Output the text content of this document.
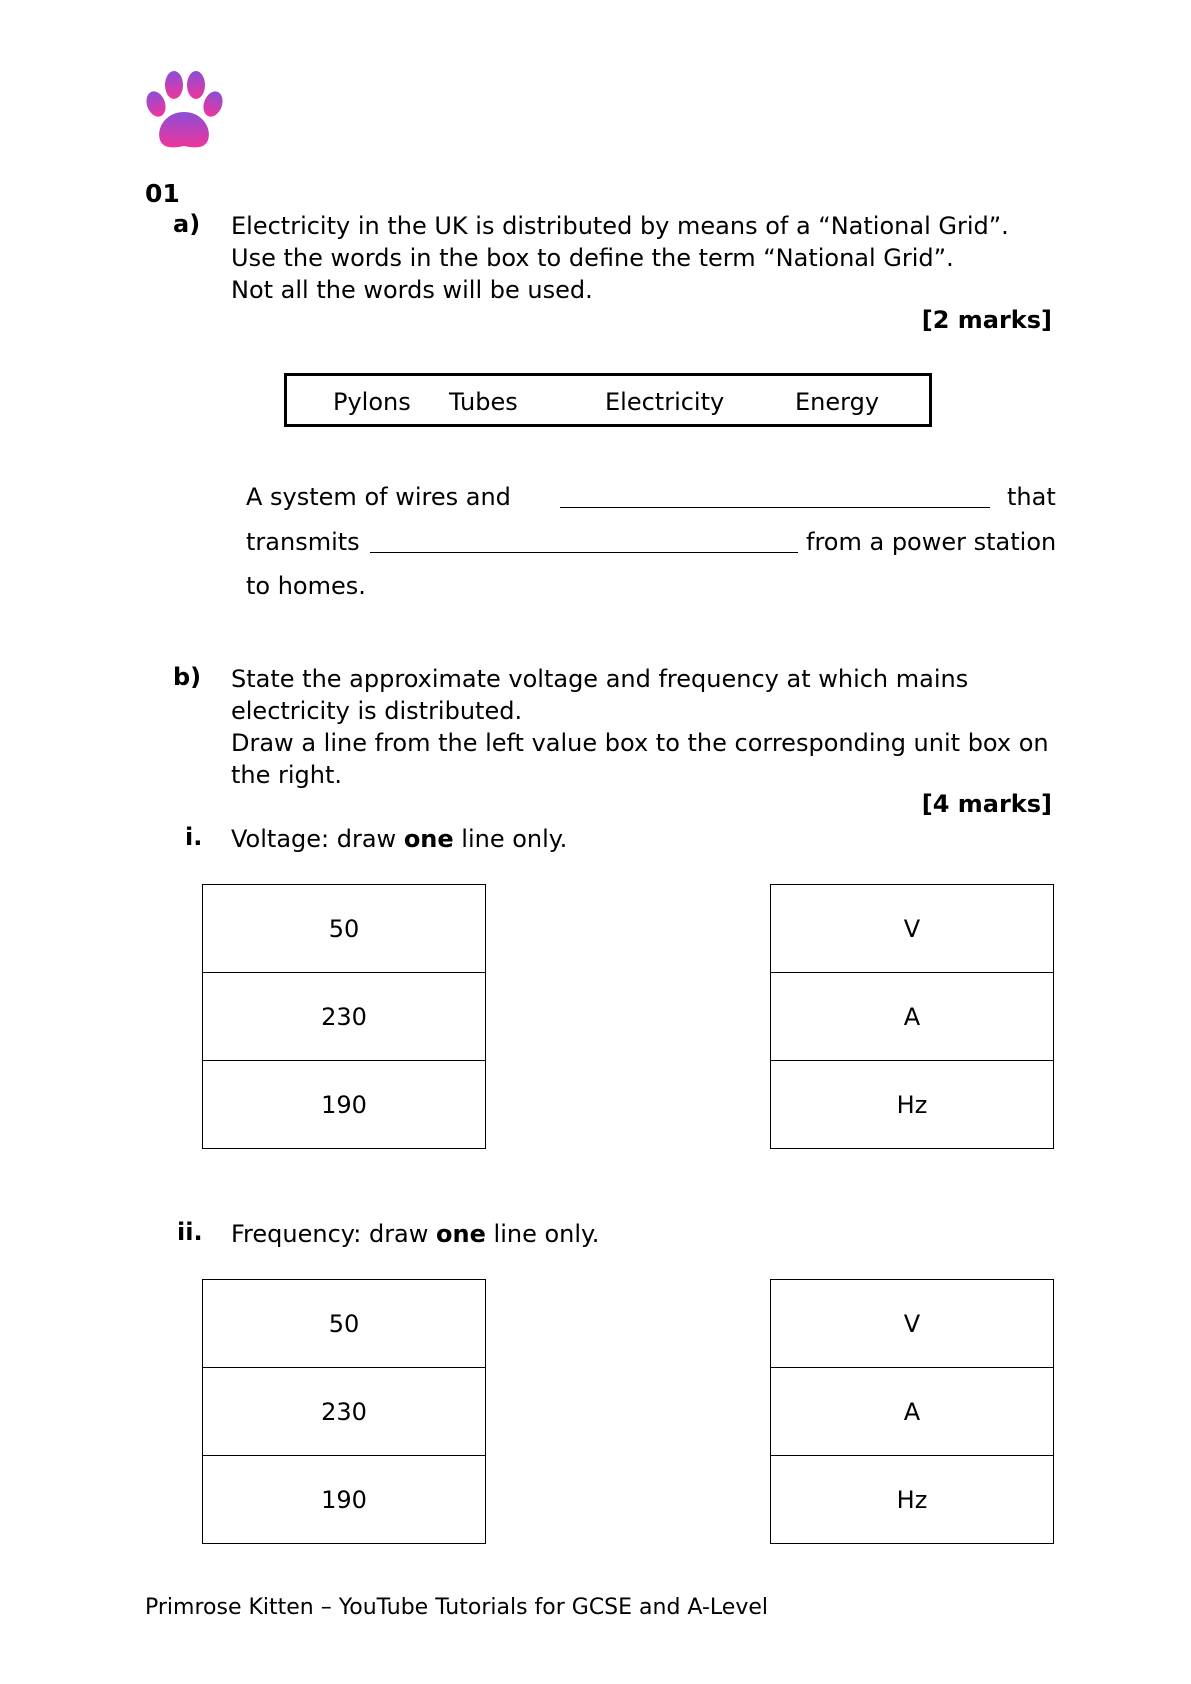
01
a) Electricity in the UK is distributed by means of a “National Grid”.
Use the words in the box to define the term “National Grid”.
Not all the words will be used.
[2 marks]
Pylons Tubes	Electricity	Energy
A system of wires and	that
transmits	from a power station
to homes.
b) State the approximate voltage and frequency at which mains
electricity is distributed.
Draw a line from the left value box to the corresponding unit box on
the right.
[4 marks]
i. Voltage: draw one line only.
50
230
190
V
A
Hz
ii. Frequency: draw one line only.
50
230
190
V
A
Hz
Primrose Kitten – YouTube Tutorials for GCSE and A-Level
